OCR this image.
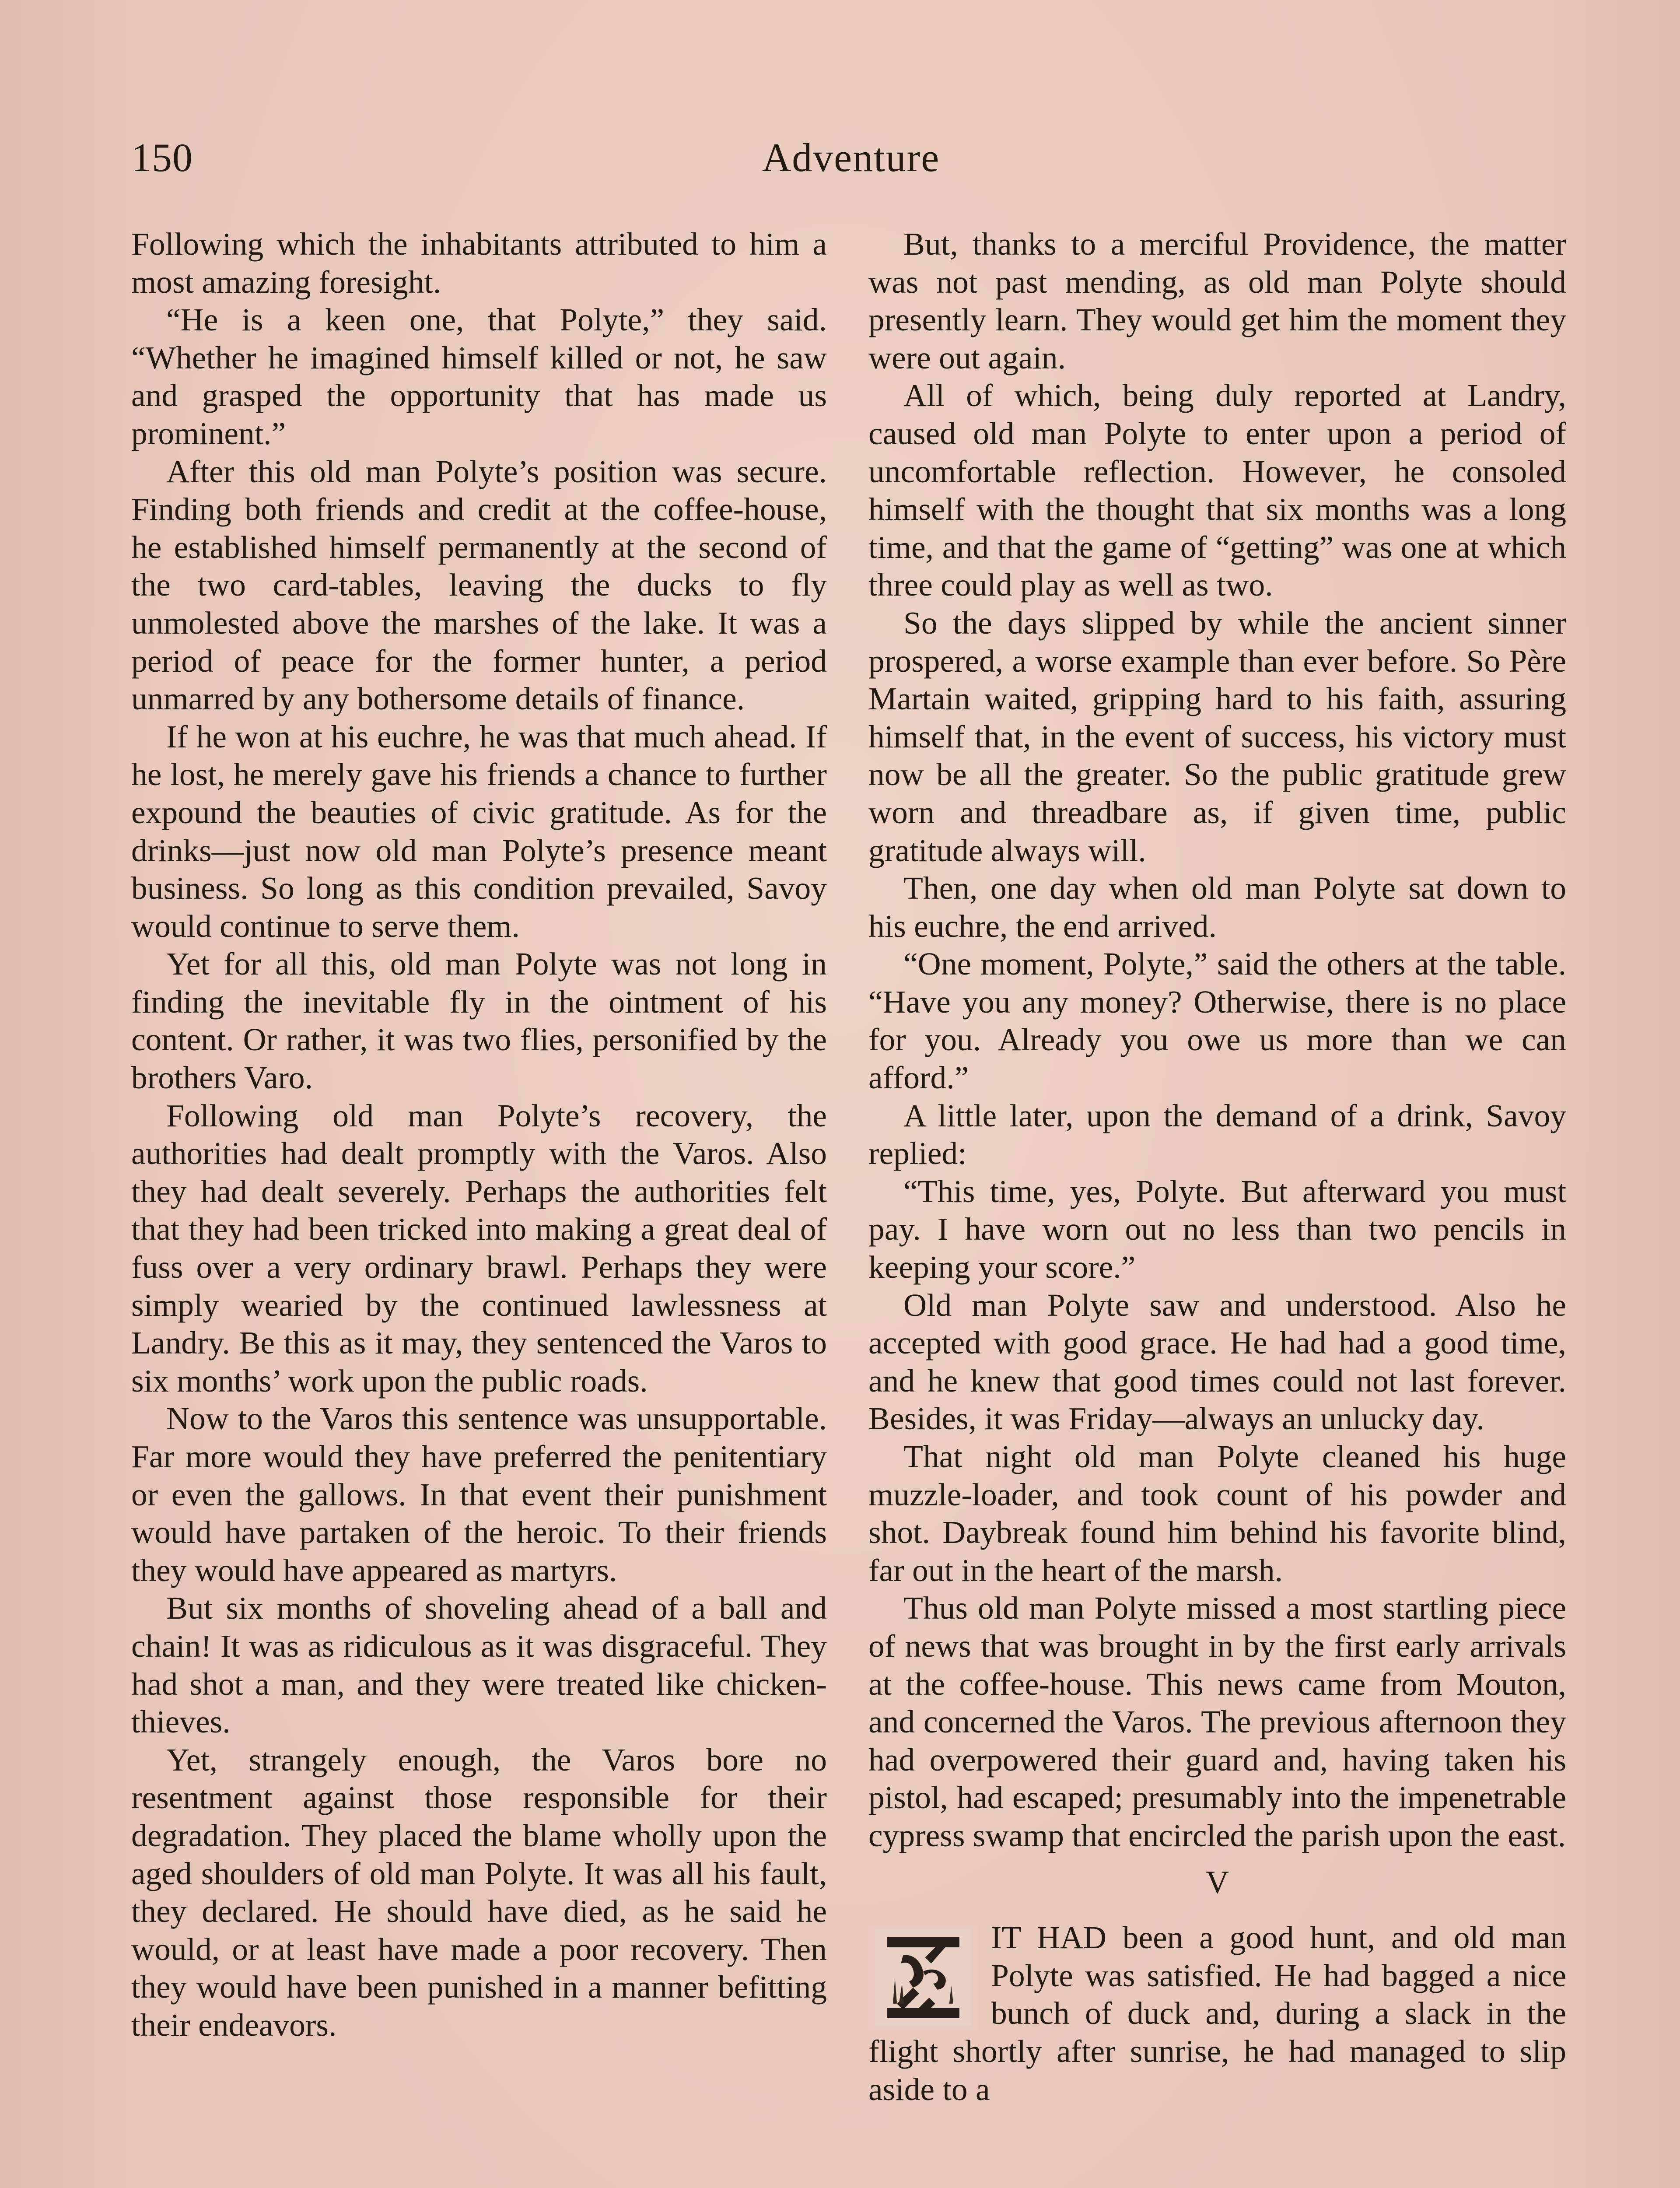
150	Adventure

Following which the inhabitants attributed to him a most amazing foresight.

“He is a keen one, that Polyte,” they said. “Whether he imagined himself killed or not, he saw and grasped the opportunity that has made us prominent.”

After this old man Polyte’s position was secure. Finding both friends and credit at the coffee-house, he established himself permanently at the second of the two card-tables, leaving the ducks to fly unmolested above the marshes of the lake. It was a period of peace for the former hunter, a period unmarred by any bothersome details of finance.

If he won at his euchre, he was that much ahead. If he lost, he merely gave his friends a chance to further expound the beauties of civic gratitude. As for the drinks—just now old man Polyte’s presence meant business. So long as this condition prevailed, Savoy would continue to serve them.

Yet for all this, old man Polyte was not long in finding the inevitable fly in the ointment of his content. Or rather, it was two flies, personified by the brothers Varo.

Following old man Polyte’s recovery, the authorities had dealt promptly with the Varos. Also they had dealt severely. Perhaps the authorities felt that they had been tricked into making a great deal of fuss over a very ordinary brawl. Perhaps they were simply wearied by the continued lawlessness at Landry. Be this as it may, they sentenced the Varos to six months’ work upon the public roads.

Now to the Varos this sentence was unsupportable. Far more would they have preferred the penitentiary or even the gallows. In that event their punishment would have partaken of the heroic. To their friends they would have appeared as martyrs.

But six months of shoveling ahead of a ball and chain! It was as ridiculous as it was disgraceful. They had shot a man, and they were treated like chicken-thieves.

Yet, strangely enough, the Varos bore no resentment against those responsible for their degradation. They placed the blame wholly upon the aged shoulders of old man Polyte. It was all his fault, they declared. He should have died, as he said he would, or at least have made a poor recovery. Then they would have been punished in a manner befitting their endeavors.

But, thanks to a merciful Providence, the matter was not past mending, as old man Polyte should presently learn. They would get him the moment they were out again.

All of which, being duly reported at Landry, caused old man Polyte to enter upon a period of uncomfortable reflection. However, he consoled himself with the thought that six months was a long time, and that the game of “getting” was one at which three could play as well as two.

So the days slipped by while the ancient sinner prospered, a worse example than ever before. So Père Martain waited, gripping hard to his faith, assuring himself that, in the event of success, his victory must now be all the greater. So the public gratitude grew worn and threadbare as, if given time, public gratitude always will.

Then, one day when old man Polyte sat down to his euchre, the end arrived.

“One moment, Polyte,” said the others at the table. “Have you any money? Otherwise, there is no place for you. Already you owe us more than we can afford.”

A little later, upon the demand of a drink, Savoy replied:

“This time, yes, Polyte. But afterward you must pay. I have worn out no less than two pencils in keeping your score.”

Old man Polyte saw and understood. Also he accepted with good grace. He had had a good time, and he knew that good times could not last forever. Besides, it was Friday—always an unlucky day.

That night old man Polyte cleaned his huge muzzle-loader, and took count of his powder and shot. Daybreak found him behind his favorite blind, far out in the heart of the marsh.

Thus old man Polyte missed a most startling piece of news that was brought in by the first early arrivals at the coffee-house. This news came from Mouton, and concerned the Varos. The previous afternoon they had overpowered their guard and, having taken his pistol, had escaped; presumably into the impenetrable cypress swamp that encircled the parish upon the east.

V

IT HAD been a good hunt, and old man Polyte was satisfied. He had bagged a nice bunch of duck and, during a slack in the flight shortly after sunrise, he had managed to slip aside to a
